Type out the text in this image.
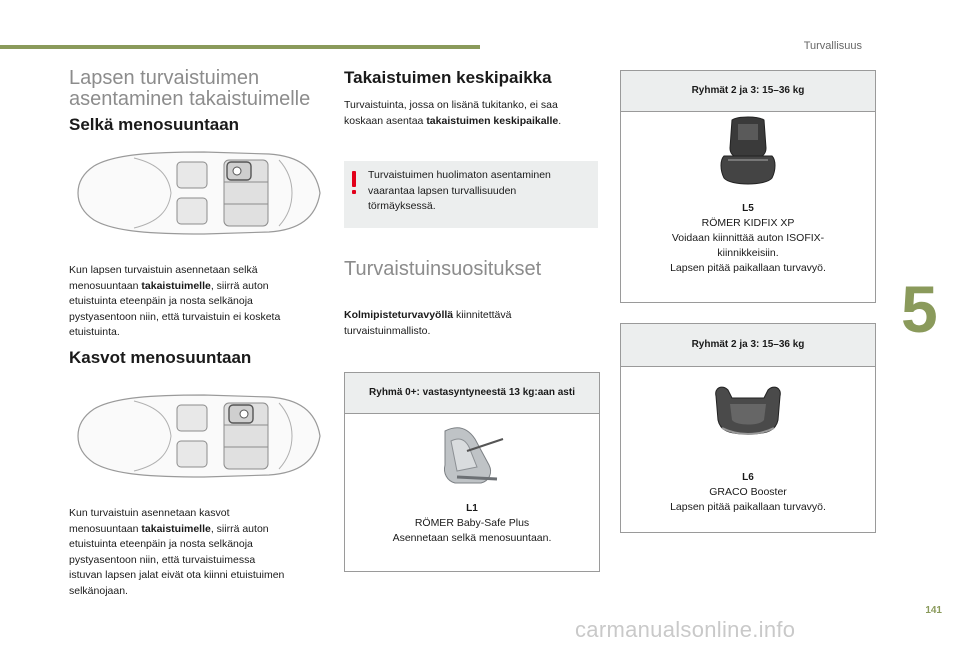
Turvallisuus
Lapsen turvaistuimen
asentaminen takaistuimelle
Selkä menosuuntaan
Kun lapsen turvaistuin asennetaan selkä
menosuuntaan takaistuimelle, siirrä auton
etuistuinta eteenpäin ja nosta selkänoja
pystyasentoon niin, että turvaistuin ei kosketa
etuistuinta.
Kasvot menosuuntaan
Kun turvaistuin asennetaan kasvot
menosuuntaan takaistuimelle, siirrä auton
etuistuinta eteenpäin ja nosta selkänoja
pystyasentoon niin, että turvaistuimessa
istuvan lapsen jalat eivät ota kiinni etuistuimen
selkänojaan.
Takaistuimen keskipaikka
Turvaistuinta, jossa on lisänä tukitanko, ei saa
koskaan asentaa takaistuimen keskipaikalle.
Turvaistuimen huolimaton asentaminen
vaarantaa lapsen turvallisuuden
törmäyksessä.
Turvaistuinsuositukset
Kolmipisteturvavyöllä kiinnitettävä
turvaistuinmallisto.
Ryhmä 0+: vastasyntyneestä 13 kg:aan asti
L1
RÖMER Baby-Safe Plus
Asennetaan selkä menosuuntaan.
Ryhmät 2 ja 3: 15–36 kg
L5
RÖMER KIDFIX XP
Voidaan kiinnittää auton ISOFIX-
kiinnikkeisiin.
Lapsen pitää paikallaan turvavyö.
Ryhmät 2 ja 3: 15–36 kg
L6
GRACO Booster
Lapsen pitää paikallaan turvavyö.
5
141
carmanualsonline.info
